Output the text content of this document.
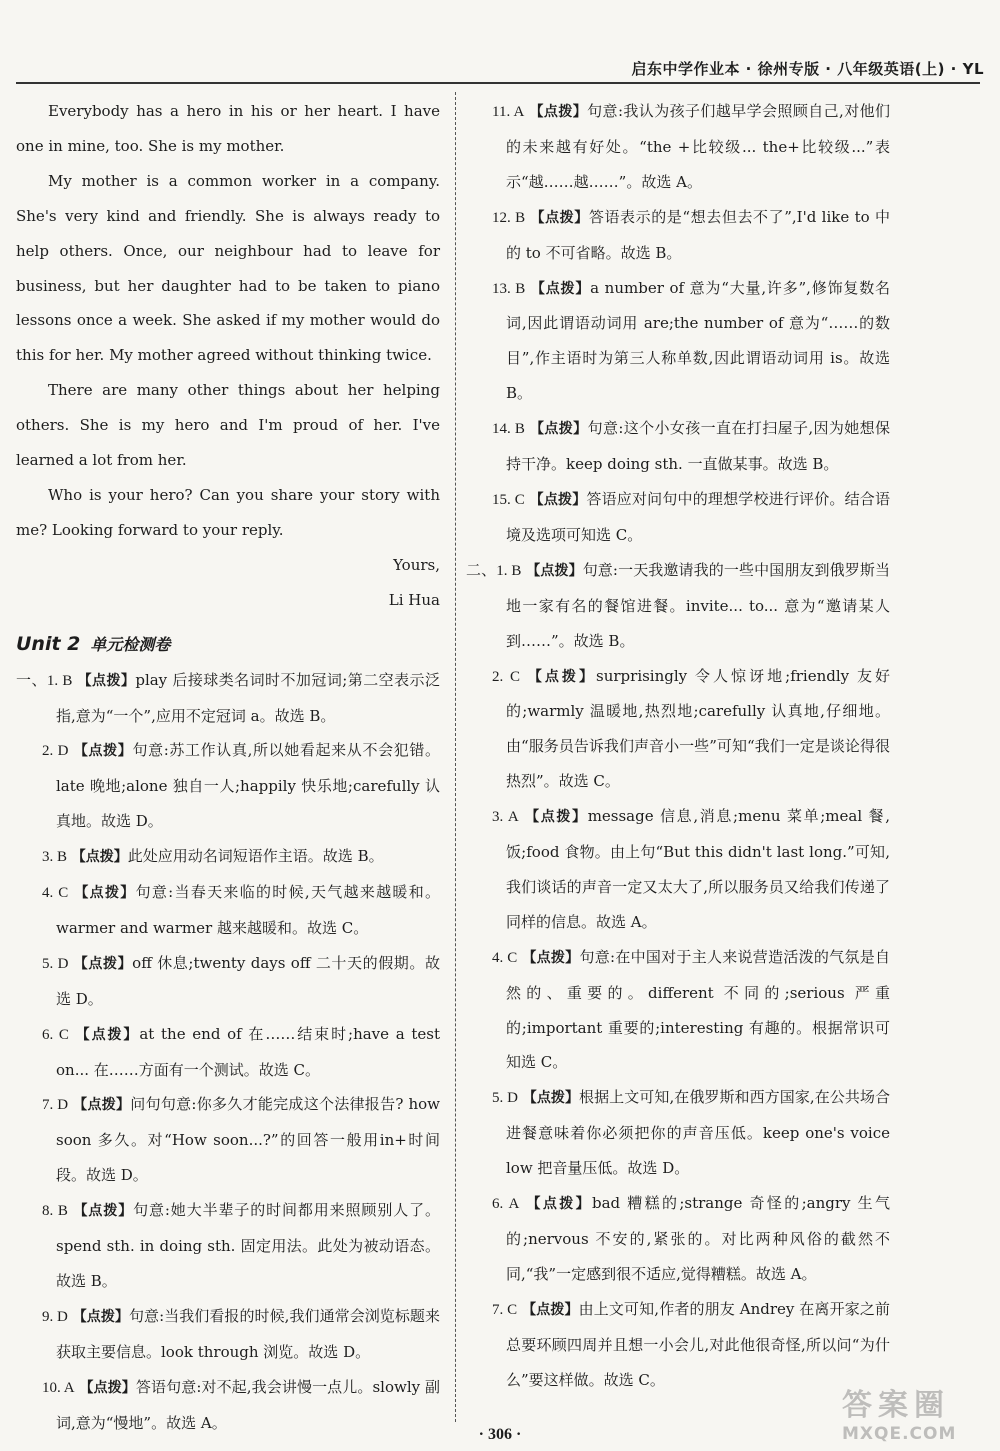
启东中学作业本 · 徐州专版 · 八年级英语(上) · YL

Everybody has a hero in his or her heart. I have one in mine, too. She is my mother.

My mother is a common worker in a company. She's very kind and friendly. She is always ready to help others. Once, our neighbour had to leave for business, but her daughter had to be taken to piano lessons once a week. She asked if my mother would do this for her. My mother agreed without thinking twice.

There are many other things about her helping others. She is my hero and I'm proud of her. I've learned a lot from her.

Who is your hero? Can you share your story with me? Looking forward to your reply.

Yours,

Li Hua

Unit 2 单元检测卷

一、1. B 【点拨】play 后接球类名词时不加冠词;第二空表示泛指,意为“一个”,应用不定冠词 a。故选 B。

2. D 【点拨】句意:苏工作认真,所以她看起来从不会犯错。late 晚地;alone 独自一人;happily 快乐地;carefully 认真地。故选 D。

3. B 【点拨】此处应用动名词短语作主语。故选 B。

4. C 【点拨】句意:当春天来临的时候,天气越来越暖和。warmer and warmer 越来越暖和。故选 C。

5. D 【点拨】off 休息;twenty days off 二十天的假期。故选 D。

6. C 【点拨】at the end of 在……结束时;have a test on... 在……方面有一个测试。故选 C。

7. D 【点拨】问句句意:你多久才能完成这个法律报告? how soon 多久。对“How soon...?”的回答一般用in+时间段。故选 D。

8. B 【点拨】句意:她大半辈子的时间都用来照顾别人了。spend sth. in doing sth. 固定用法。此处为被动语态。故选 B。

9. D 【点拨】句意:当我们看报的时候,我们通常会浏览标题来获取主要信息。look through 浏览。故选 D。

10. A 【点拨】答语句意:对不起,我会讲慢一点儿。slowly 副词,意为“慢地”。故选 A。

11. A 【点拨】句意:我认为孩子们越早学会照顾自己,对他们的未来越有好处。“the +比较级... the+比较级...”表示“越……越……”。故选 A。

12. B 【点拨】答语表示的是“想去但去不了”,I'd like to 中的 to 不可省略。故选 B。

13. B 【点拨】a number of 意为“大量,许多”,修饰复数名词,因此谓语动词用 are;the number of 意为“……的数目”,作主语时为第三人称单数,因此谓语动词用 is。故选 B。

14. B 【点拨】句意:这个小女孩一直在打扫屋子,因为她想保持干净。keep doing sth. 一直做某事。故选 B。

15. C 【点拨】答语应对问句中的理想学校进行评价。结合语境及选项可知选 C。

二、1. B 【点拨】句意:一天我邀请我的一些中国朋友到俄罗斯当地一家有名的餐馆进餐。invite... to... 意为“邀请某人到……”。故选 B。

2. C 【点拨】surprisingly 令人惊讶地;friendly 友好的;warmly 温暖地,热烈地;carefully 认真地,仔细地。由“服务员告诉我们声音小一些”可知“我们一定是谈论得很热烈”。故选 C。

3. A 【点拨】message 信息,消息;menu 菜单;meal 餐,饭;food 食物。由上句“But this didn't last long.”可知,我们谈话的声音一定又太大了,所以服务员又给我们传递了同样的信息。故选 A。

4. C 【点拨】句意:在中国对于主人来说营造活泼的气氛是自然的、重要的。different 不同的;serious 严重的;important 重要的;interesting 有趣的。根据常识可知选 C。

5. D 【点拨】根据上文可知,在俄罗斯和西方国家,在公共场合进餐意味着你必须把你的声音压低。keep one's voice low 把音量压低。故选 D。

6. A 【点拨】bad 糟糕的;strange 奇怪的;angry 生气的;nervous 不安的,紧张的。对比两种风俗的截然不同,“我”一定感到很不适应,觉得糟糕。故选 A。

7. C 【点拨】由上文可知,作者的朋友 Andrey 在离开家之前总要环顾四周并且想一小会儿,对此他很奇怪,所以问“为什么”要这样做。故选 C。

· 306 ·
答案圈
MXQE.COM
